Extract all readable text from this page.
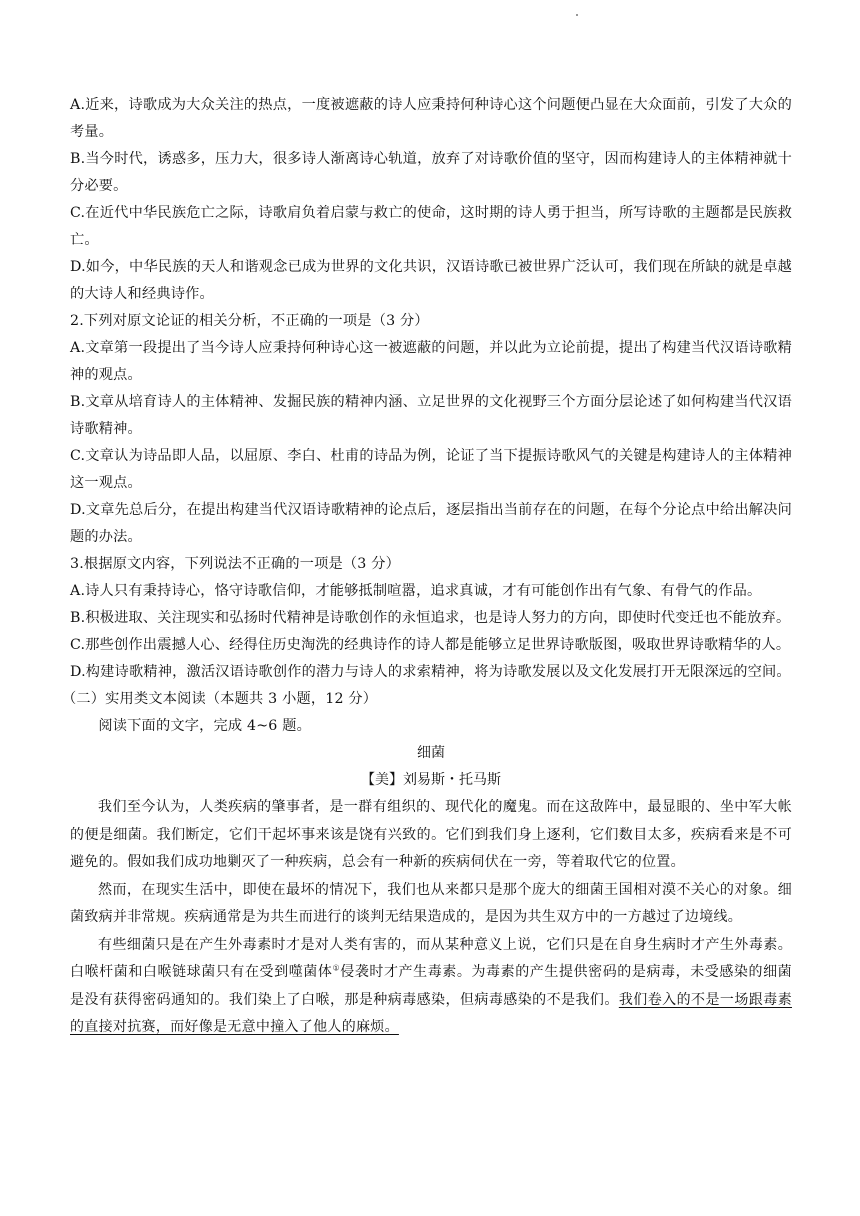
A.近来，诗歌成为大众关注的热点，一度被遮蔽的诗人应秉持何种诗心这个问题便凸显在大众面前，引发了大众的考量。

B.当今时代，诱惑多，压力大，很多诗人渐离诗心轨道，放弃了对诗歌价值的坚守，因而构建诗人的主体精神就十分必要。

C.在近代中华民族危亡之际，诗歌肩负着启蒙与救亡的使命，这时期的诗人勇于担当，所写诗歌的主题都是民族救亡。

D.如今，中华民族的天人和谐观念已成为世界的文化共识，汉语诗歌已被世界广泛认可，我们现在所缺的就是卓越的大诗人和经典诗作。

2.下列对原文论证的相关分析，不正确的一项是（3 分）

A.文章第一段提出了当今诗人应秉持何种诗心这一被遮蔽的问题，并以此为立论前提，提出了构建当代汉语诗歌精神的观点。

B.文章从培育诗人的主体精神、发掘民族的精神内涵、立足世界的文化视野三个方面分层论述了如何构建当代汉语诗歌精神。

C.文章认为诗品即人品，以屈原、李白、杜甫的诗品为例，论证了当下提振诗歌风气的关键是构建诗人的主体精神这一观点。

D.文章先总后分，在提出构建当代汉语诗歌精神的论点后，逐层指出当前存在的问题，在每个分论点中给出解决问题的办法。

3.根据原文内容，下列说法不正确的一项是（3 分）

A.诗人只有秉持诗心，恪守诗歌信仰，才能够抵制喧嚣，追求真诚，才有可能创作出有气象、有骨气的作品。

B.积极进取、关注现实和弘扬时代精神是诗歌创作的永恒追求，也是诗人努力的方向，即使时代变迁也不能放弃。

C.那些创作出震撼人心、经得住历史淘洗的经典诗作的诗人都是能够立足世界诗歌版图，吸取世界诗歌精华的人。

D.构建诗歌精神，激活汉语诗歌创作的潜力与诗人的求索精神，将为诗歌发展以及文化发展打开无限深远的空间。

（二）实用类文本阅读（本题共 3 小题，12 分）

阅读下面的文字，完成 4~6 题。

细菌

【美】刘易斯・托马斯

我们至今认为，人类疾病的肇事者，是一群有组织的、现代化的魔鬼。而在这敌阵中，最显眼的、坐中军大帐的便是细菌。我们断定，它们干起坏事来该是饶有兴致的。它们到我们身上逐利，它们数目太多，疾病看来是不可避免的。假如我们成功地剿灭了一种疾病，总会有一种新的疾病伺伏在一旁，等着取代它的位置。

然而，在现实生活中，即使在最坏的情况下，我们也从来都只是那个庞大的细菌王国相对漠不关心的对象。细菌致病并非常规。疾病通常是为共生而进行的谈判无结果造成的，是因为共生双方中的一方越过了边境线。

有些细菌只是在产生外毒素时才是对人类有害的，而从某种意义上说，它们只是在自身生病时才产生外毒素。白喉杆菌和白喉链球菌只有在受到噬菌体①侵袭时才产生毒素。为毒素的产生提供密码的是病毒，未受感染的细菌是没有获得密码通知的。我们染上了白喉，那是种病毒感染，但病毒感染的不是我们。我们卷入的不是一场跟毒素的直接对抗赛，而好像是无意中撞入了他人的麻烦。
